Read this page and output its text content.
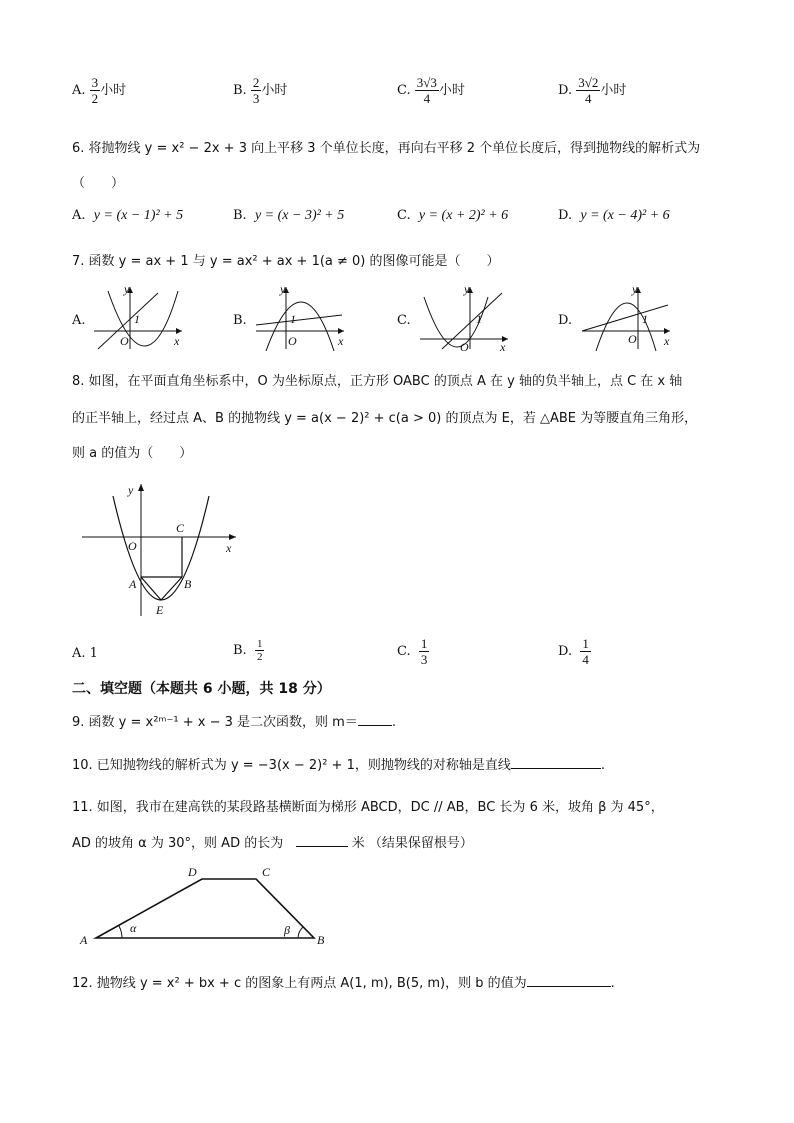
A. $\frac{3}{2}$ 小时	B. $\frac{2}{3}$ 小时	C. $\frac{3√3}{4}$ 小时	D. $\frac{3√2}{4}$ 小时
6. 将抛物线 y = x² − 2x + 3 向上平移 3 个单位长度，再向右平移 2 个单位长度后，得到抛物线的解析式为
（　　）
A. y = (x − 1)² + 5	B. y = (x − 3)² + 5	C. y = (x + 2)² + 6	D. y = (x − 4)² + 6
7. 函数 y = ax + 1 与 y = ax² + ax + 1(a ≠ 0) 的图像可能是（　　）
A.
y
x
O
1	B.
y
x
O
1	C.
y
x
O
1	D.
y
x
O
1
8. 如图，在平面直角坐标系中，O 为坐标原点，正方形 OABC 的顶点 A 在 y 轴的负半轴上，点 C 在 x 轴
的正半轴上，经过点 A、B 的抛物线 y = a(x − 2)² + c(a > 0) 的顶点为 E，若 △ABE 为等腰直角三角形，
则 a 的值为（　　）
y
x
O
C
A	B
E
A. 1	B. $\frac{1}{2}$	C. $\frac{1}{3}$	D. $\frac{1}{4}$
二、填空题（本题共 6 小题，共 18 分）
9. 函数 y = x²ᵐ⁻¹ + x − 3 是二次函数，则 m＝	.
10. 已知抛物线的解析式为 y = −3(x − 2)² + 1，则抛物线的对称轴是直线	.
11. 如图，我市在建高铁的某段路基横断面为梯形 ABCD，DC // AB，BC 长为 6 米，坡角 β 为 45°，
AD 的坡角 α 为 30°，则 AD 的长为	米 （结果保留根号）
A	B
C
D
α	β
12. 抛物线 y = x² + bx + c 的图象上有两点 A(1, m), B(5, m)，则 b 的值为	.
